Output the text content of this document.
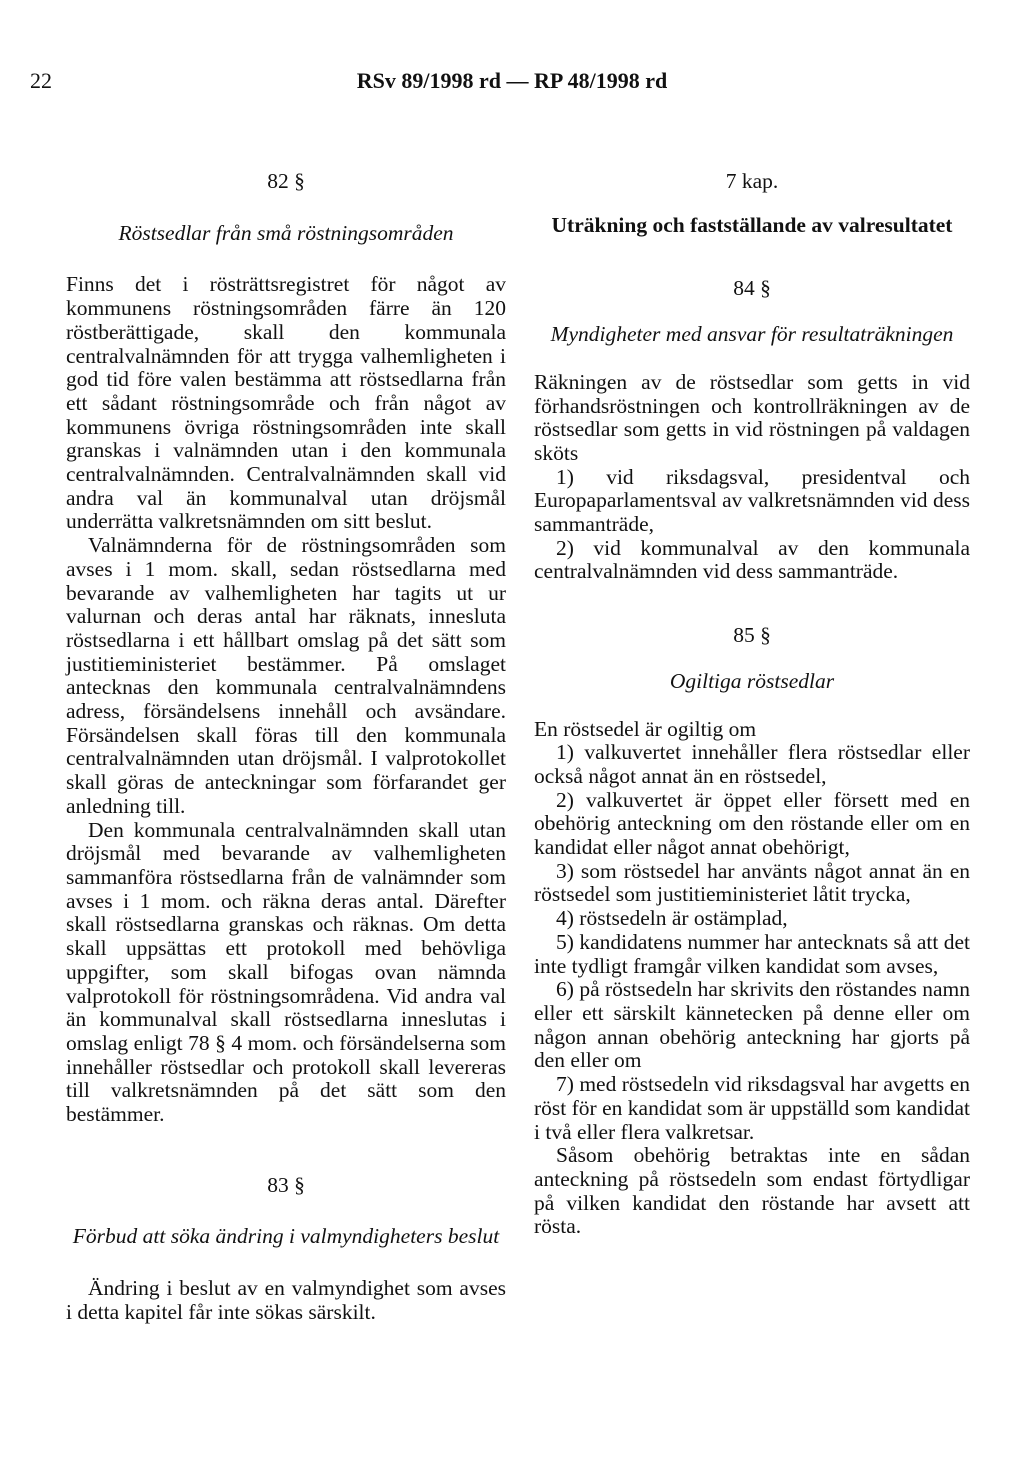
22	RSv 89/1998 rd — RP 48/1998 rd

82 §

Röstsedlar från små röstningsområden

Finns det i rösträttsregistret för något av kommunens röstningsområden färre än 120 röstberättigade, skall den kommunala centralvalnämnden för att trygga valhemligheten i god tid före valen bestämma att röstsedlarna från ett sådant röstningsområde och från något av kommunens övriga röstningsområden inte skall granskas i valnämnden utan i den kommunala centralvalnämnden. Centralvalnämnden skall vid andra val än kommunalval utan dröjsmål underrätta valkretsnämnden om sitt beslut.

Valnämnderna för de röstningsområden som avses i 1 mom. skall, sedan röstsedlarna med bevarande av valhemligheten har tagits ut ur valurnan och deras antal har räknats, innesluta röstsedlarna i ett hållbart omslag på det sätt som justitieministeriet bestämmer. På omslaget antecknas den kommunala centralvalnämndens adress, försändelsens innehåll och avsändare. Försändelsen skall föras till den kommunala centralvalnämnden utan dröjsmål. I valprotokollet skall göras de anteckningar som förfarandet ger anledning till.

Den kommunala centralvalnämnden skall utan dröjsmål med bevarande av valhemligheten sammanföra röstsedlarna från de valnämnder som avses i 1 mom. och räkna deras antal. Därefter skall röstsedlarna granskas och räknas. Om detta skall uppsättas ett protokoll med behövliga uppgifter, som skall bifogas ovan nämnda valprotokoll för röstningsområdena. Vid andra val än kommunalval skall röstsedlarna inneslutas i omslag enligt 78 § 4 mom. och försändelserna som innehåller röstsedlar och protokoll skall levereras till valkretsnämnden på det sätt som den bestämmer.

83 §

Förbud att söka ändring i valmyndigheters beslut

Ändring i beslut av en valmyndighet som avses i detta kapitel får inte sökas särskilt.

7 kap.

Uträkning och fastställande av valresultatet

84 §

Myndigheter med ansvar för resultaträkningen

Räkningen av de röstsedlar som getts in vid förhandsröstningen och kontrollräkningen av de röstsedlar som getts in vid röstningen på valdagen sköts

1) vid riksdagsval, presidentval och Europaparlamentsval av valkretsnämnden vid dess sammanträde,

2) vid kommunalval av den kommunala centralvalnämnden vid dess sammanträde.

85 §

Ogiltiga röstsedlar

En röstsedel är ogiltig om

1) valkuvertet innehåller flera röstsedlar eller också något annat än en röstsedel,

2) valkuvertet är öppet eller försett med en obehörig anteckning om den röstande eller om en kandidat eller något annat obehörigt,

3) som röstsedel har använts något annat än en röstsedel som justitieministeriet låtit trycka,

4) röstsedeln är ostämplad,

5) kandidatens nummer har antecknats så att det inte tydligt framgår vilken kandidat som avses,

6) på röstsedeln har skrivits den röstandes namn eller ett särskilt kännetecken på denne eller om någon annan obehörig anteckning har gjorts på den eller om

7) med röstsedeln vid riksdagsval har avgetts en röst för en kandidat som är uppställd som kandidat i två eller flera valkretsar.

Såsom obehörig betraktas inte en sådan anteckning på röstsedeln som endast förtydligar på vilken kandidat den röstande har avsett att rösta.
